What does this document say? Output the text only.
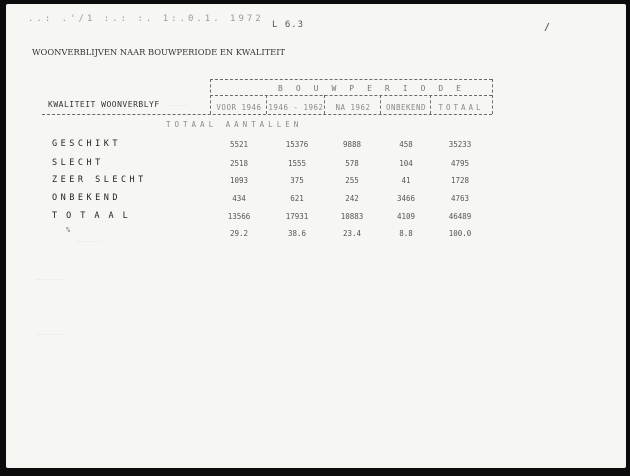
..: .'/1 :.: :. 1:.0.1. 1972
L 6.3	/
WOONVERBLIJVEN NAAR BOUWPERIODE EN KWALITEIT
..........
...........
..............
..............
BOUWPERIODE
KWALITEIT WOONVERBLYF	VOOR 1946 1946 - 1962	NA 1962	ONBEKEND	TOTAAL
TOTAAL AANTALLEN
GESCHIKT	5521	15376	9888	458	35233
SLECHT	2518	1555	578	104	4795
ZEER SLECHT	1093	375	255	41	1728
ONBEKEND	434	621	242	3466	4763
TOTAAL	13566	17931	10883	4109	46489
%	29.2	38.6	23.4	8.8	100.0
